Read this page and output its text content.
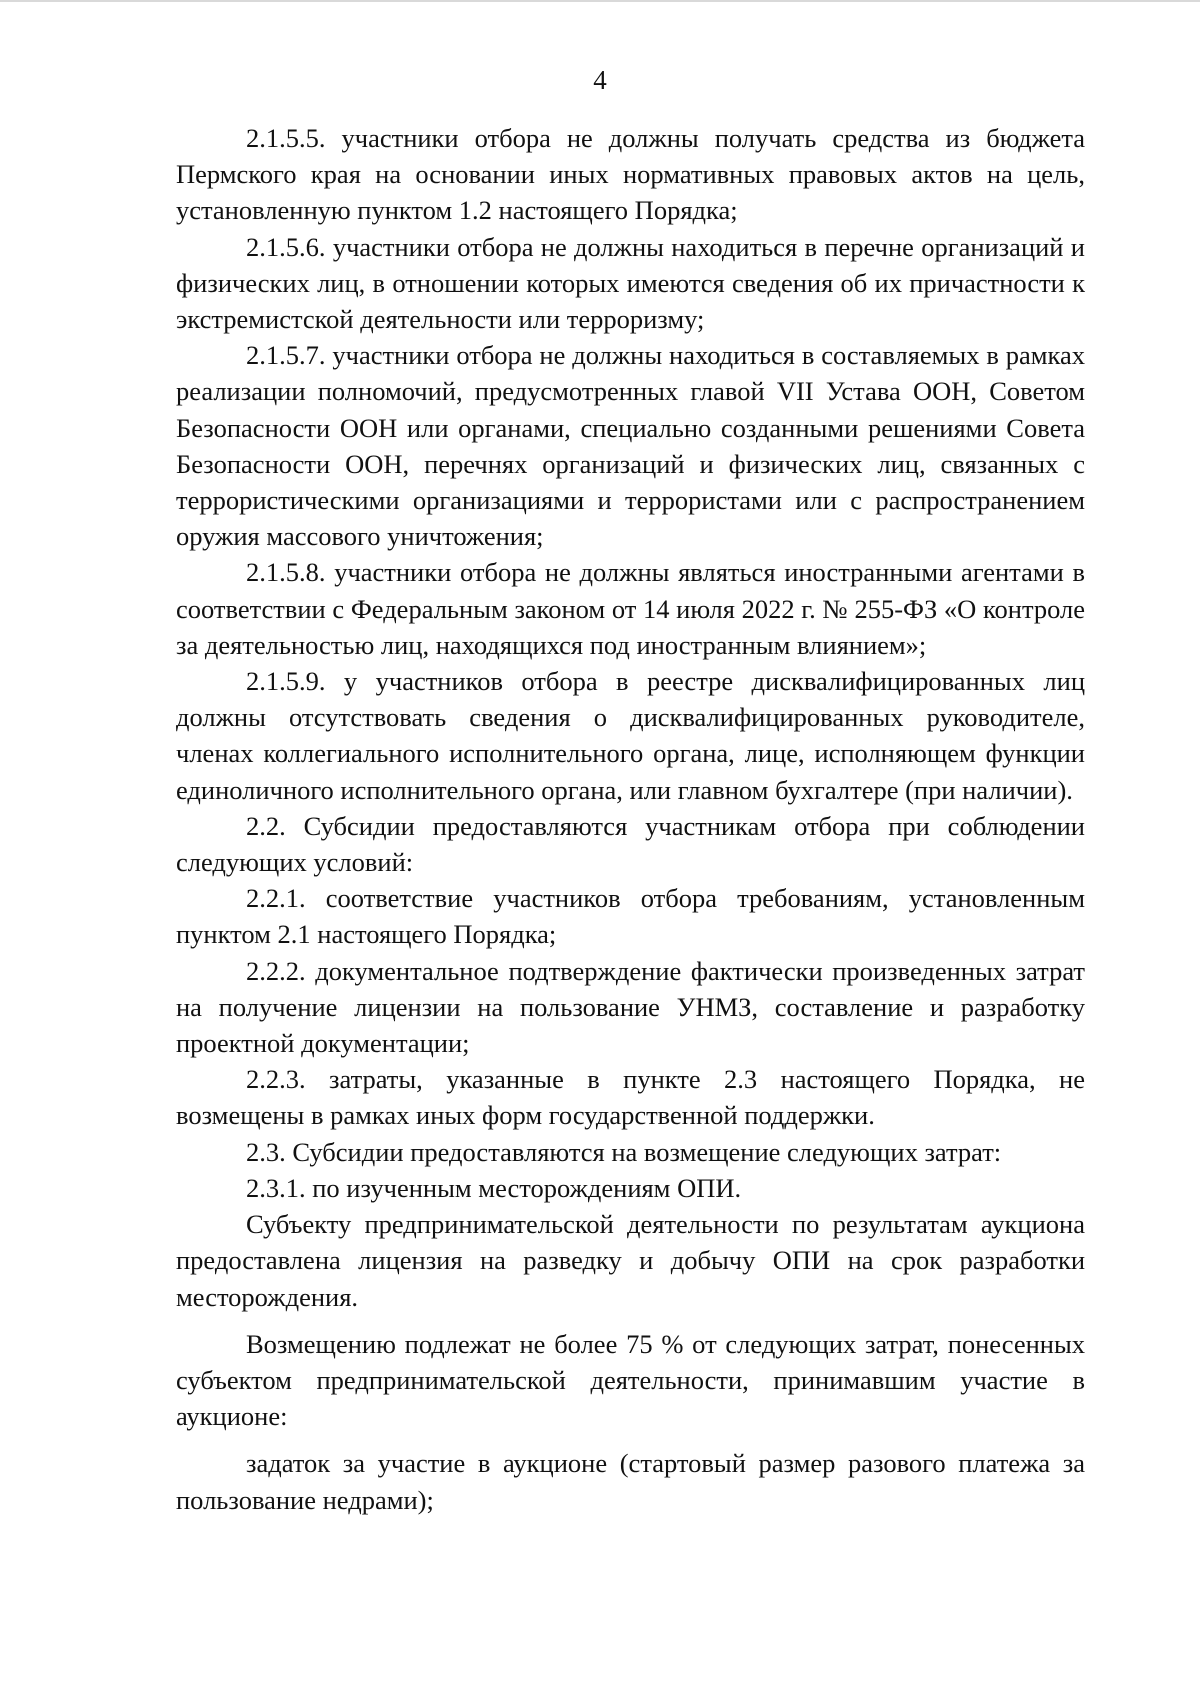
4

2.1.5.5. участники отбора не должны получать средства из бюджета Пермского края на основании иных нормативных правовых актов на цель, установленную пунктом 1.2 настоящего Порядка;

2.1.5.6. участники отбора не должны находиться в перечне организаций и физических лиц, в отношении которых имеются сведения об их причастности к экстремистской деятельности или терроризму;

2.1.5.7. участники отбора не должны находиться в составляемых в рамках реализации полномочий, предусмотренных главой VII Устава ООН, Советом Безопасности ООН или органами, специально созданными решениями Совета Безопасности ООН, перечнях организаций и физических лиц, связанных с террористическими организациями и террористами или с распространением оружия массового уничтожения;

2.1.5.8. участники отбора не должны являться иностранными агентами в соответствии с Федеральным законом от 14 июля 2022 г. № 255-ФЗ «О контроле за деятельностью лиц, находящихся под иностранным влиянием»;

2.1.5.9. у участников отбора в реестре дисквалифицированных лиц должны отсутствовать сведения о дисквалифицированных руководителе, членах коллегиального исполнительного органа, лице, исполняющем функции единоличного исполнительного органа, или главном бухгалтере (при наличии).

2.2. Субсидии предоставляются участникам отбора при соблюдении следующих условий:

2.2.1. соответствие участников отбора требованиям, установленным пунктом 2.1 настоящего Порядка;

2.2.2. документальное подтверждение фактически произведенных затрат на получение лицензии на пользование УНМЗ, составление и разработку проектной документации;

2.2.3. затраты, указанные в пункте 2.3 настоящего Порядка, не возмещены в рамках иных форм государственной поддержки.

2.3. Субсидии предоставляются на возмещение следующих затрат:

2.3.1. по изученным месторождениям ОПИ.

Субъекту предпринимательской деятельности по результатам аукциона предоставлена лицензия на разведку и добычу ОПИ на срок разработки месторождения.

Возмещению подлежат не более 75 % от следующих затрат, понесенных субъектом предпринимательской деятельности, принимавшим участие в аукционе:

задаток за участие в аукционе (стартовый размер разового платежа за пользование недрами);
